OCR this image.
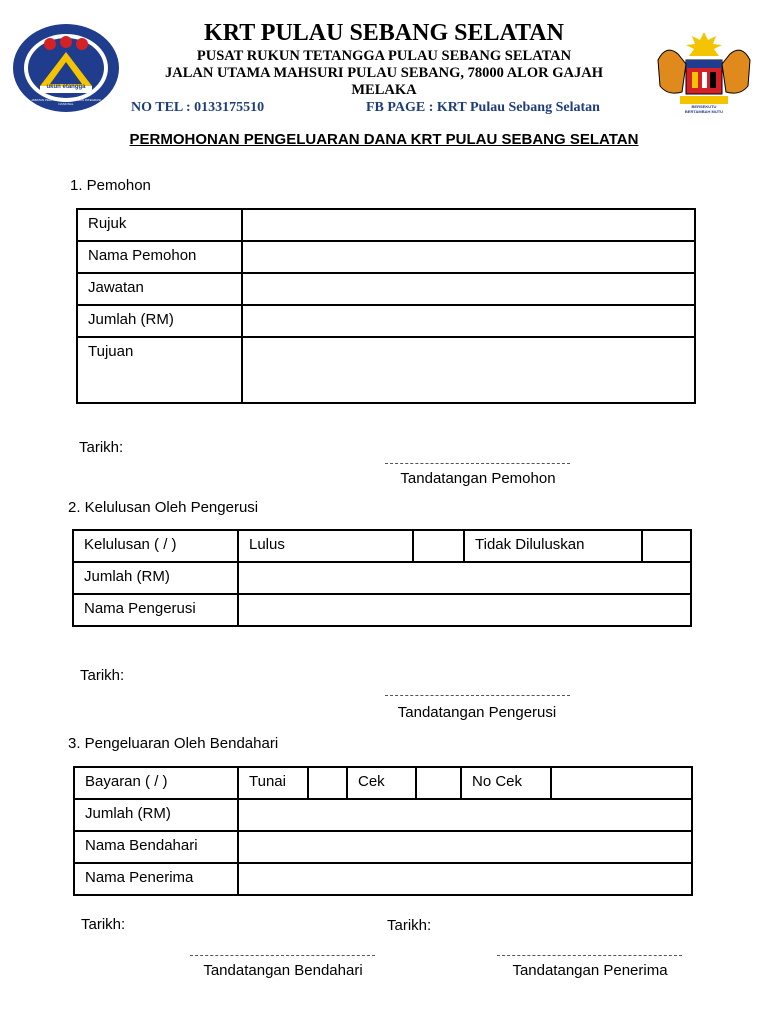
ukun etangga
JABATAN PERPADUAN NEGARA DAN INTEGRASI NASIONAL	BERSEKUTU BERTAMBAH MUTU
KRT PULAU SEBANG SELATAN
PUSAT RUKUN TETANGGA PULAU SEBANG SELATAN
JALAN UTAMA MAHSURI PULAU SEBANG, 78000 ALOR GAJAH
MELAKA
NO TEL : 0133175510	FB PAGE : KRT Pulau Sebang Selatan
PERMOHONAN PENGELUARAN DANA KRT PULAU SEBANG SELATAN
1. Pemohon
Rujuk	
Nama Pemohon	
Jawatan	
Jumlah (RM)	
Tujuan	
Tarikh:
Tandatangan Pemohon
2. Kelulusan Oleh Pengerusi
Kelulusan ( / )	Lulus		Tidak Diluluskan	
Jumlah (RM)				
Nama Pengerusi				
Tarikh:
Tandatangan Pengerusi
3. Pengeluaran Oleh Bendahari
Bayaran ( / )	Tunai		Cek		No Cek	
Jumlah (RM)						
Nama Bendahari						
Nama Penerima						
Tarikh:	Tarikh:
Tandatangan Bendahari	Tandatangan Penerima
